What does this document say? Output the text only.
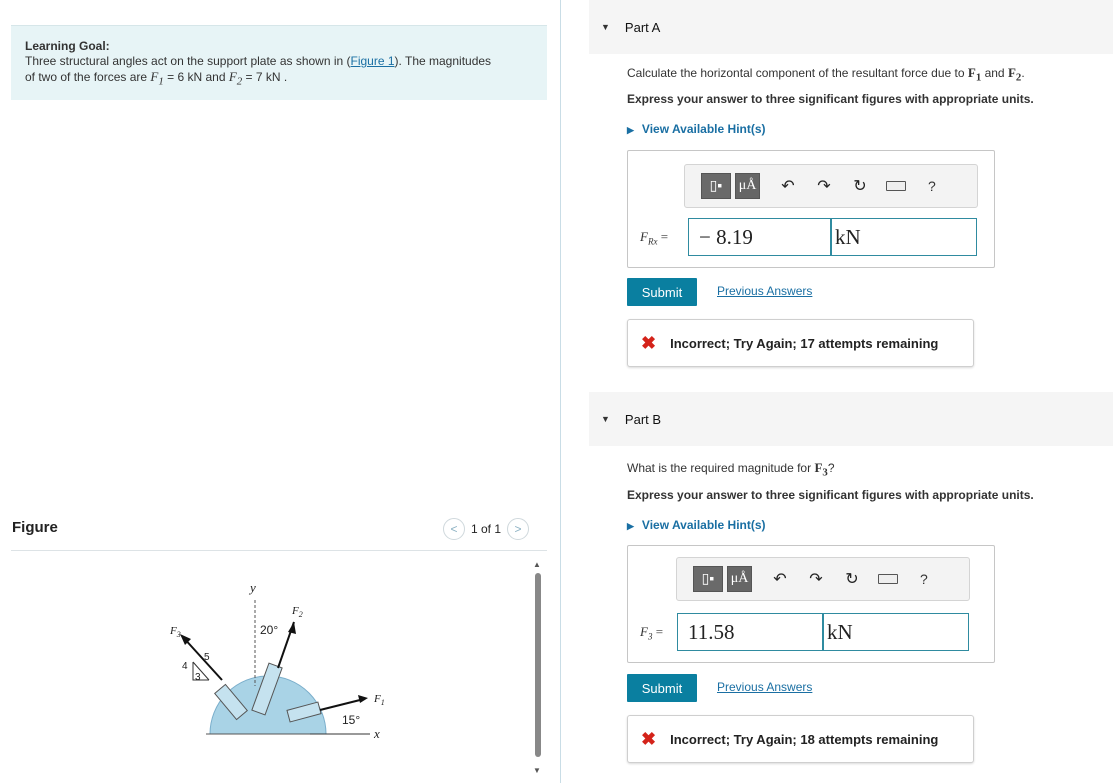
Learning Goal:
Three structural angles act on the support plate as shown in (Figure 1). The magnitudes
of two of the forces are $F_1 = 6$ kN and $F_2 = 7$ kN .
Figure	<	1 of 1	>
4
5
3
y
x
20°
15°
$F_2$
$F_3$
$F_1$
▲
▼
▼ Part A
Calculate the horizontal component of the resultant force due to $F_1$ and $F_2$.
Express your answer to three significant figures with appropriate units.
▶ View Available Hint(s)
▯▪	μÅ ↶ ↷ ↻	?
$F_{Rx}$ =	− 8.19	kN
Submit	Previous Answers
✖ Incorrect; Try Again; 17 attempts remaining
▼ Part B
What is the required magnitude for $F_3$?
Express your answer to three significant figures with appropriate units.
▶ View Available Hint(s)
▯▪	μÅ ↶ ↷ ↻	?
$F_3$ =	11.58	kN
Submit	Previous Answers
✖ Incorrect; Try Again; 18 attempts remaining
